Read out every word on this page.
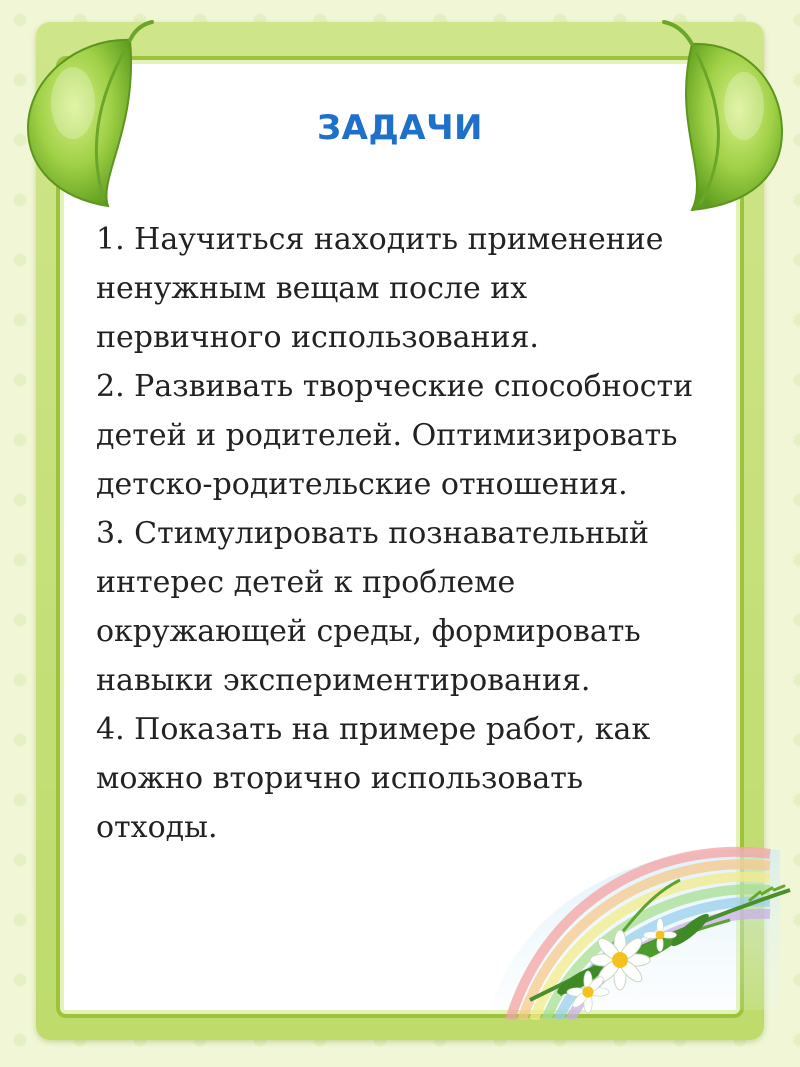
ЗАДАЧИ
1. Научиться находить применение
ненужным вещам после их
первичного использования.
2. Развивать творческие способности
детей и родителей. Оптимизировать
детско-родительские отношения.
3. Стимулировать познавательный
интерес детей к проблеме
окружающей среды, формировать
навыки экспериментирования.
4. Показать на примере работ, как
можно вторично использовать
отходы.
